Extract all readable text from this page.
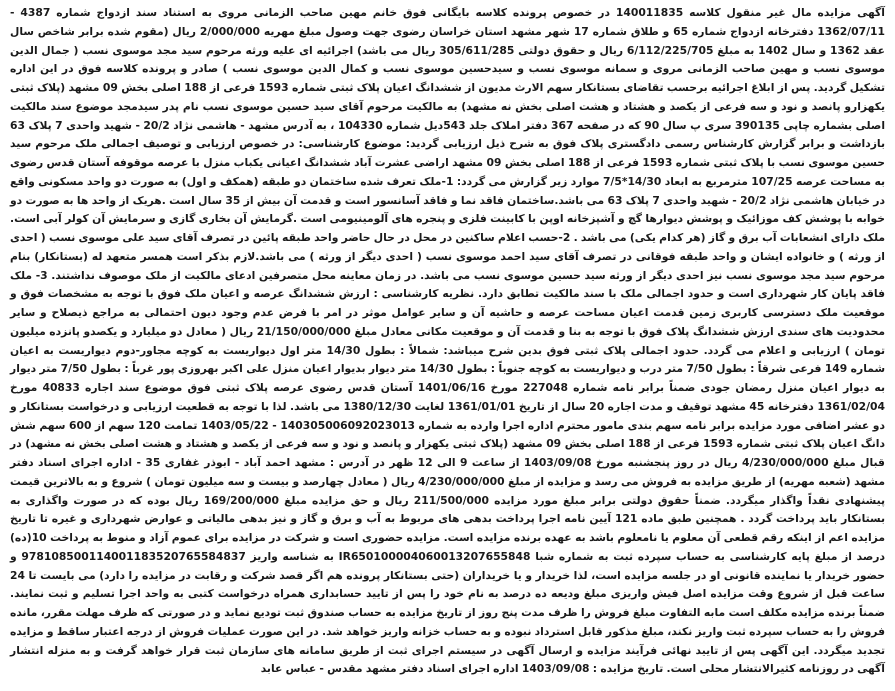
آگهی مزایده مال غیر منقول کلاسه 140011835 در خصوص پرونده کلاسه بایگانی فوق خانم مهین صاحب الزمانی مروی به استناد سند ازدواج شماره 4387 - 1362/07/11 دفترخانه ازدواج شماره 65 و طلاق شماره 17 شهر مشهد استان خراسان رضوی جهت وصول مبلغ مهریه 2/000/000 ریال (مقوم شده برابر شاخص سال عقد 1362 و سال 1402 به مبلغ 6/112/225/705 ریال و حقوق دولتی 305/611/285 ریال می باشد) اجرائیه ای علیه ورثه مرحوم سید مجد موسوی نسب ( جمال الدین موسوی نسب و مهین صاحب الزمانی مروی و سمانه موسوی نسب و سیدحسین موسوی نسب و کمال الدین موسوی نسب ) صادر و پرونده کلاسه فوق در این اداره تشکیل گردید. پس از ابلاغ اجرائیه برحسب تقاضای بستانکار سهم الارث مدیون از ششدانگ اعیان پلاک ثبتی شماره 1593 فرعی از 188 اصلی بخش 09 مشهد (پلاک ثبتی یکهزارو پانصد و نود و سه فرعی از یکصد و هشتاد و هشت اصلی بخش نه مشهد) به مالکیت مرحوم آقای سید حسین موسوی نسب نام پدر سیدمجد موضوع سند مالکیت اصلی بشماره چاپی 390135 سری پ سال 90 که در صفحه 367 دفتر املاک جلد 543دیل شماره 104330 ، به آدرس مشهد - هاشمی نژاد 20/2 - شهید واحدی 7 پلاک 63 بازداشت و برابر گزارش کارشناس رسمی دادگستری پلاک فوق به شرح ذیل ارزیابی گردید: موضوع کارشناسی: در خصوص ارزیابی و توصیف اجمالی ملک مرحوم سید حسین موسوی نسب با پلاک ثبتی شماره 1593 فرعی از 188 اصلی بخش 09 مشهد اراضی عشرت آباد ششدانگ اعیانی یکباب منزل با عرصه موقوفه آستان قدس رضوی به مساحت عرصه 107/25 مترمربع به ابعاد 14/30*7/5 موارد زیر گزارش می گردد: 1-ملک تعرف شده ساختمان دو طبقه (همکف و اول) به صورت دو واحد مسکونی واقع در خیابان هاشمی نژاد 20/2 - شهید واحدی 7 پلاک 63 می باشد.ساختمان فاقد نما و فاقد آسانسور است و قدمت آن بیش از 35 سال است .هریک از واحد ها به صورت دو خوابه با پوشش کف موزائیک و پوشش دیوارها گچ و آشپزخانه اوپن با کابینت فلزی و پنجره های آلومینیومی است .گرمایش آن بخاری گازی و سرمایش آن کولر آبی است. ملک دارای انشعابات آب برق و گاز (هر کدام یکی) می باشد . 2-حسب اعلام ساکنین در محل در حال حاضر واحد طبقه پائین در تصرف آقای سید علی موسوی نسب ( احدی از ورثه ) و خانواده ایشان و واحد طبقه فوقانی در تصرف آقای سید احمد موسوی نسب ( احدی دیگر از ورثه ) می باشد.لازم بذکر است همسر متعهد له (بستانکار) بنام مرحوم سید مجد موسوی نسب نیز احدی دیگر از ورثه سید حسین موسوی نسب می باشد. در زمان معاینه محل متصرفین ادعای مالکیت از ملک موصوف نداشتند. 3- ملک فاقد پایان کار شهرداری است و حدود اجمالی ملک با سند مالکیت تطابق دارد. نظریه کارشناسی : ارزش ششدانگ عرصه و اعیان ملک فوق با توجه به مشخصات فوق و موقعیت ملک دسترسی کاربری زمین قدمت اعیان مساحت عرصه و حاشیه آن و سایر عوامل موثر در امر با فرض عدم وجود دیون احتمالی به مراجع ذیصلاح و سایر محدودیت های سندی ارزش ششدانگ پلاک فوق با توجه به بنا و قدمت آن و موقعیت مکانی معادل مبلغ 21/150/000/000 ریال ( معادل دو میلیارد و یکصدو پانزده میلیون تومان ) ارزیابی و اعلام می گردد. حدود اجمالی پلاک ثبتی فوق بدین شرح میباشد: شمالاً : بطول 14/30 متر اول دیواریست به کوچه مجاور-دوم دیواریست به اعیان شماره 149 فرعی شرقاً : بطول 7/50 متر درب و دیواریست به کوچه جنوباً : بطول 14/30 متر دیوار بدیوار اعیان منزل علی اکبر بهروزی پور غرباً : بطول 7/50 متر دیوار به دیوار اعیان منزل رمضان جودی ضمناً برابر نامه شماره 227048 مورخ 1401/06/16 آستان قدس رضوی عرصه پلاک ثبتی فوق موضوع سند اجاره 40833 مورخ 1361/02/04 دفترخانه 45 مشهد توقیف و مدت اجاره 20 سال از تاریخ 1361/01/01 لغایت 1380/12/30 می باشد. لذا با توجه به قطعیت ارزیابی و درخواست بستانکار و دو عشر اضافی مورد مزایده برابر نامه سهم بندی مامور محترم اداره اجرا وارده به شماره 140305006092023013 - 1403/05/22 تمامت 120 سهم از 600 سهم شش دانگ اعیان پلاک ثبتی شماره 1593 فرعی از 188 اصلی بخش 09 مشهد (پلاک ثبتی یکهزار و پانصد و نود و سه فرعی از یکصد و هشتاد و هشت اصلی بخش نه مشهد) در قبال مبلغ 4/230/000/000 ریال در روز پنجشنبه مورخ 1403/09/08 از ساعت 9 الی 12 ظهر در آدرس : مشهد احمد آباد - ابوذر غفاری 35 - اداره اجرای اسناد دفتر مشهد (شعبه مهریه) از طریق مزایده به فروش می رسد و مزایده از مبلغ 4/230/000/000 ریال ( معادل چهارصد و بیست و سه میلیون تومان ) شروع و به بالاترین قیمت پیشنهادی نقداً واگذار میگردد. ضمناً حقوق دولتی برابر مبلغ مورد مزایده 211/500/000 ریال و حق مزایده مبلغ 169/200/000 ریال بوده که در صورت واگذاری به بستانکار باید پرداخت گردد . همچنین طبق ماده 121 آیین نامه اجرا پرداخت بدهی های مربوط به آب و برق و گاز و نیز بدهی مالیاتی و عوارض شهرداری و غیره تا تاریخ مزایده اعم از اینکه رقم قطعی آن معلوم یا نامعلوم باشد به عهده برنده مزایده است. مزایده حضوری است و شرکت در مزایده برای عموم آزاد و منوط به پرداخت 10(ده) درصد از مبلغ پایه کارشناسی به حساب سپرده ثبت به شماره شبا IR650100004060013207655848 به شناسه واریز 978108500114001183520765584837 و حضور خریدار یا نماینده قانونی او در جلسه مزایده است، لذا خریدار و یا خریداران (حتی بستانکار پرونده هم اگر قصد شرکت و رقابت در مزایده را دارد) می بایست تا 24 ساعت قبل از شروع وقت مزایده اصل فیش واریزی مبلغ ودیعه ده درصد به نام خود را پس از تایید حسابداری همراه درخواست کتبی به واحد اجرا تسلیم و ثبت نمایند. ضمناً برنده مزایده مکلف است مابه التفاوت مبلغ فروش را ظرف مدت پنج روز از تاریخ مزایده به حساب صندوق ثبت تودیع نماید و در صورتی که ظرف مهلت مقرر، مانده فروش را به حساب سپرده ثبت واریز نکند، مبلغ مذکور قابل استرداد نبوده و به حساب خزانه واریز خواهد شد. در این صورت عملیات فروش از درجه اعتبار ساقط و مزایده تجدید میگردد. این آگهی پس از تایید نهائی فرآیند مزایده و ارسال آگهی در سیستم اجرای ثبت از طریق سامانه های سازمان ثبت قرار خواهد گرفت و به منزله انتشار آگهی در روزنامه کثیرالانتشار محلی است. تاریخ مزایده : 1403/09/08 اداره اجرای اسناد دفتر مشهد مقدس - عباس عابد
